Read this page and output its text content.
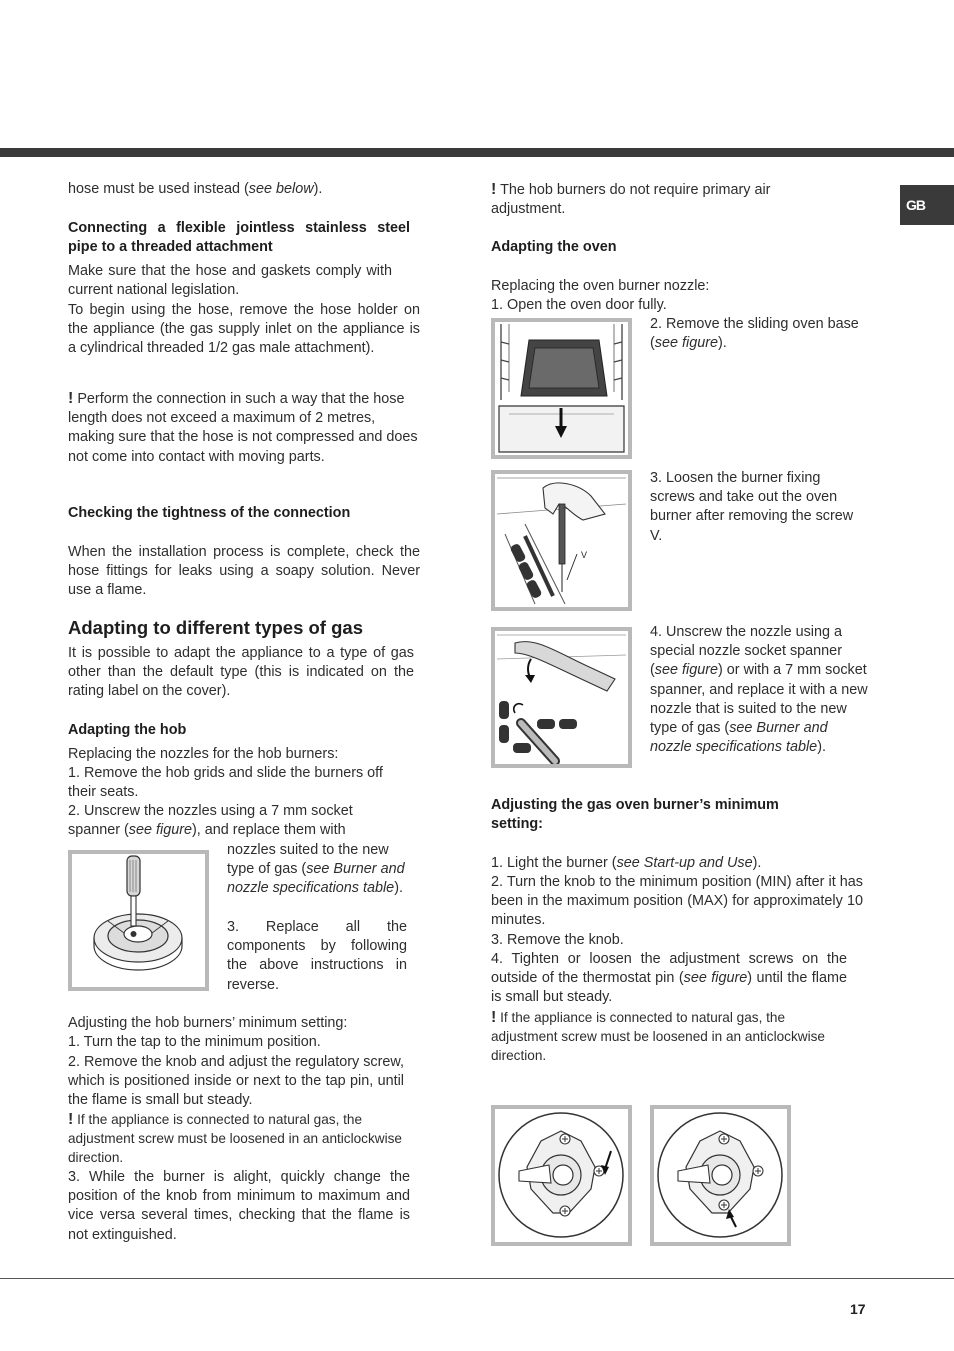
GB

hose must be used instead (see below).

Connecting a flexible jointless stainless steel pipe to a threaded attachment

Make sure that the hose and gaskets comply with current national legislation.

To begin using the hose, remove the hose holder on the appliance (the gas supply inlet on the appliance is a cylindrical threaded 1/2 gas male attachment).

! Perform the connection in such a way that the hose length does not exceed a maximum of 2 metres, making sure that the hose is not compressed and does not come into contact with moving parts.

Checking the tightness of the connection

When the installation process is complete, check the hose fittings for leaks using a soapy solution. Never use a flame.

Adapting to different types of gas

It is possible to adapt the appliance to a type of gas other than the default type (this is indicated on the rating label on the cover).

Adapting the hob

Replacing the nozzles for the hob burners:

1. Remove the hob grids and slide the burners off their seats.

2. Unscrew the nozzles using a 7 mm socket spanner (see figure), and replace them with

nozzles suited to the new type of gas (see Burner and nozzle specifications table).

3. Replace all the components by following the above instructions in reverse.

Adjusting the hob burners’ minimum setting:

1. Turn the tap to the minimum position.

2. Remove the knob and adjust the regulatory screw, which is positioned inside or next to the tap pin, until the flame is small but steady.

! If the appliance is connected to natural gas, the adjustment screw must be loosened in an anticlockwise direction.

3. While the burner is alight, quickly change the position of the knob from minimum to maximum and vice versa several times, checking that the flame is not extinguished.

! The hob burners do not require primary air adjustment.

Adapting the oven

Replacing the oven burner nozzle:

1. Open the oven door fully.

2. Remove the sliding oven base (see figure).

V

3. Loosen the burner fixing screws and take out the oven burner after removing the screw V.

4. Unscrew the nozzle using a special nozzle socket spanner (see figure) or with a 7 mm socket spanner, and replace it with a new nozzle that is suited to the new type of gas (see Burner and nozzle specifications table).

Adjusting the gas oven burner’s minimum setting:

1. Light the burner (see Start-up and Use).

2. Turn the knob to the minimum position (MIN) after it has been in the maximum position (MAX) for approximately 10 minutes.

3. Remove the knob.

4. Tighten or loosen the adjustment screws on the outside of the thermostat pin (see figure) until the flame is small but steady.

! If the appliance is connected to natural gas, the adjustment screw must be loosened in an anticlockwise direction.

17
